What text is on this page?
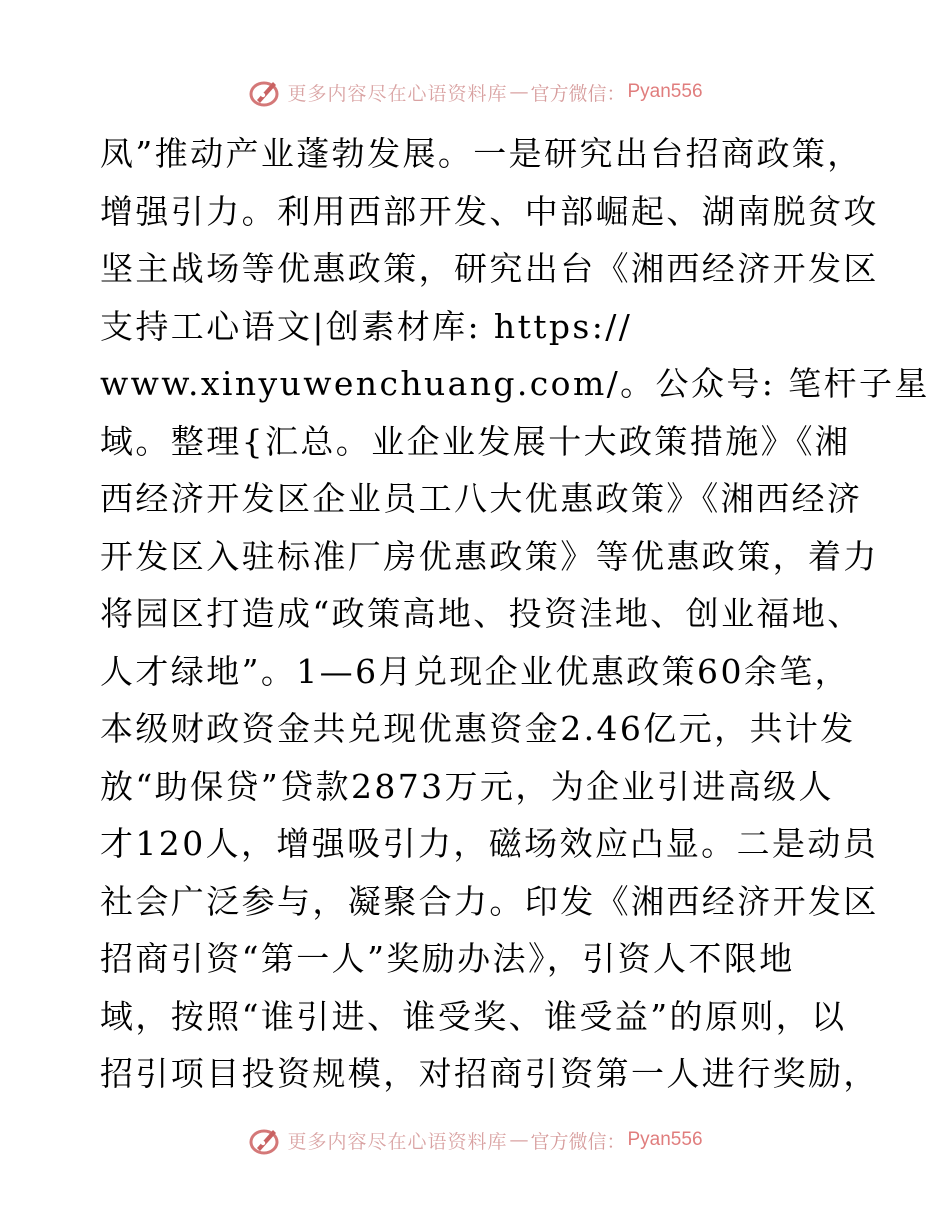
更多内容尽在心语资料库 — 官方微信： Pyan556
凤”推动产业蓬勃发展。一是研究出台招商政策，
增强引力。利用西部开发、中部崛起、湖南脱贫攻
坚主战场等优惠政策，研究出台《湘西经济开发区
支持工心语文|创素材库: https://
www.xinyuwenchuang.com/。公众号: 笔杆子星
域。整理{汇总。业企业发展十大政策措施》《湘
西经济开发区企业员工八大优惠政策》《湘西经济
开发区入驻标准厂房优惠政策》等优惠政策，着力
将园区打造成“政策高地、投资洼地、创业福地、
人才绿地”。1—6月兑现企业优惠政策60余笔，
本级财政资金共兑现优惠资金2.46亿元，共计发
放“助保贷”贷款2873万元，为企业引进高级人
才120人，增强吸引力，磁场效应凸显。二是动员
社会广泛参与，凝聚合力。印发《湘西经济开发区
招商引资“第一人”奖励办法》，引资人不限地
域，按照“谁引进、谁受奖、谁受益”的原则，以
招引项目投资规模，对招商引资第一人进行奖励，
更多内容尽在心语资料库 — 官方微信： Pyan556
